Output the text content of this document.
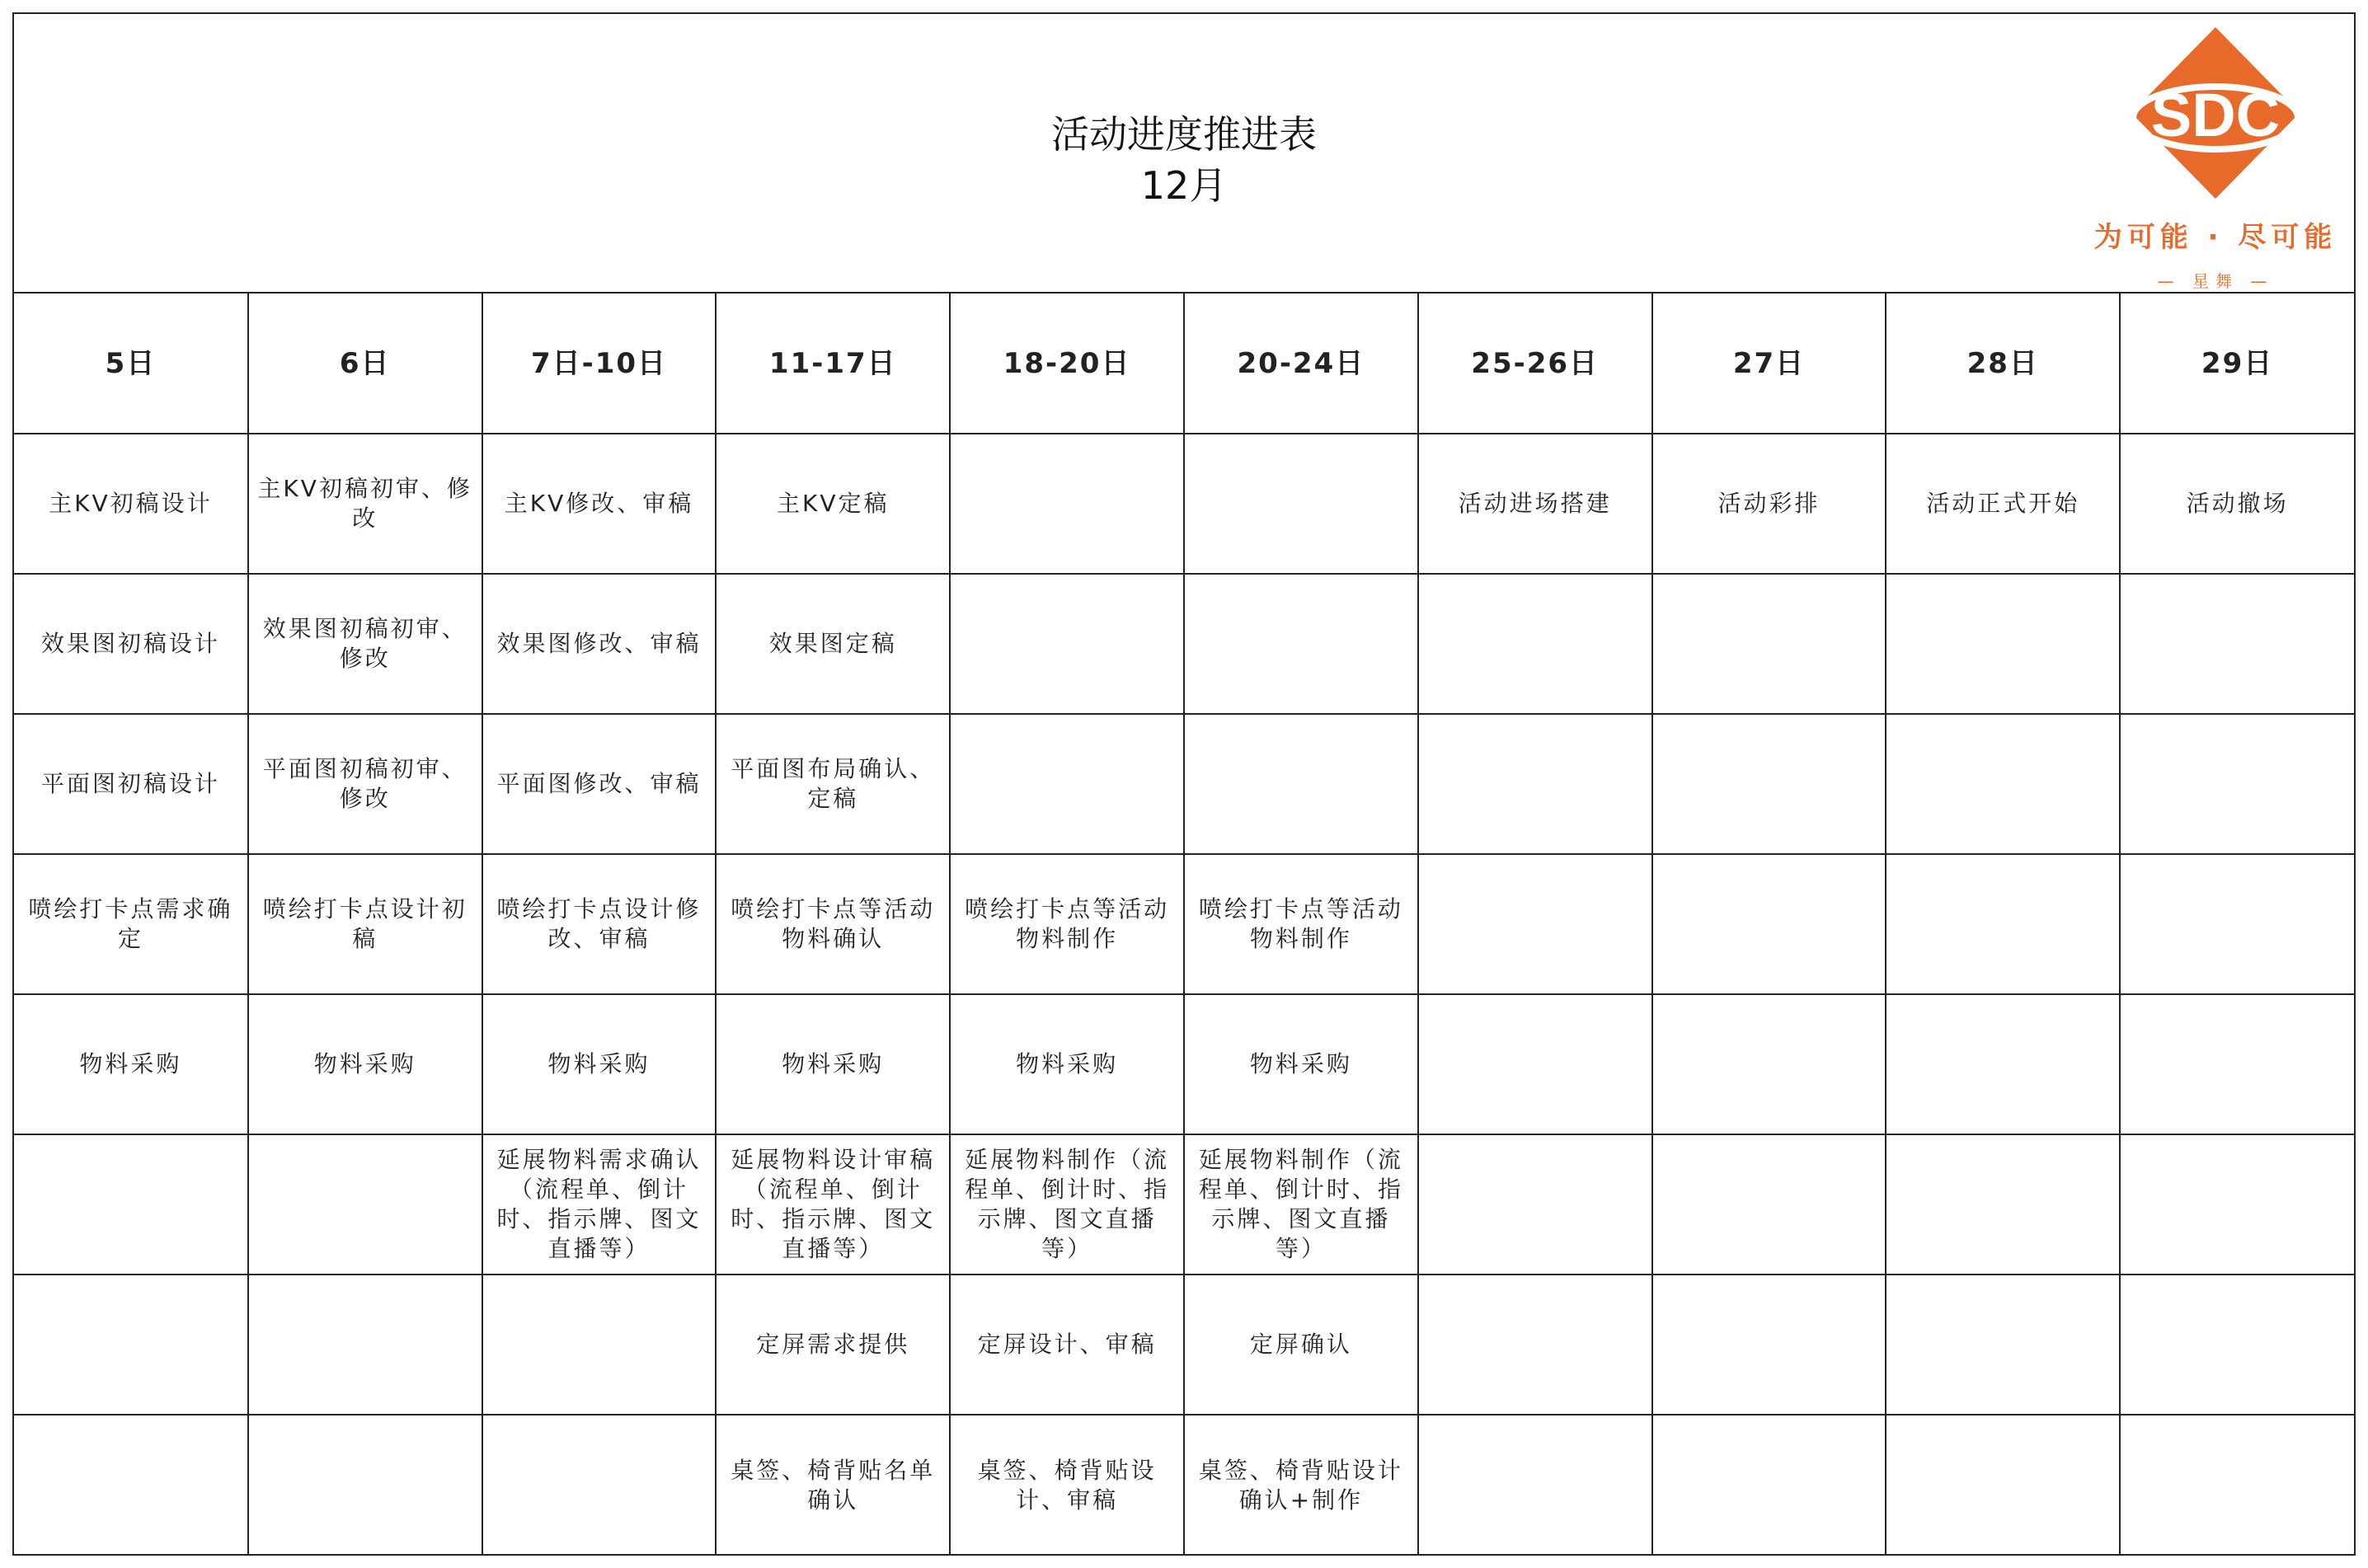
活动进度推进表
12月
SDC
为可能 · 尽可能
— 星舞 —
5日	6日	7日-10日	11-17日	18-20日	20-24日	25-26日	27日	28日	29日
主KV初稿设计	主KV初稿初审、修改	主KV修改、审稿	主KV定稿			活动进场搭建	活动彩排	活动正式开始	活动撤场
效果图初稿设计	效果图初稿初审、修改	效果图修改、审稿	效果图定稿						
平面图初稿设计	平面图初稿初审、修改	平面图修改、审稿	平面图布局确认、定稿						
喷绘打卡点需求确定	喷绘打卡点设计初稿	喷绘打卡点设计修改、审稿	喷绘打卡点等活动物料确认	喷绘打卡点等活动物料制作	喷绘打卡点等活动物料制作				
物料采购	物料采购	物料采购	物料采购	物料采购	物料采购				
		延展物料需求确认（流程单、倒计时、指示牌、图文直播等）	延展物料设计审稿（流程单、倒计时、指示牌、图文直播等）	延展物料制作（流程单、倒计时、指示牌、图文直播等）	延展物料制作（流程单、倒计时、指示牌、图文直播等）				
			定屏需求提供	定屏设计、审稿	定屏确认				
			桌签、椅背贴名单确认	桌签、椅背贴设计、审稿	桌签、椅背贴设计确认+制作				
